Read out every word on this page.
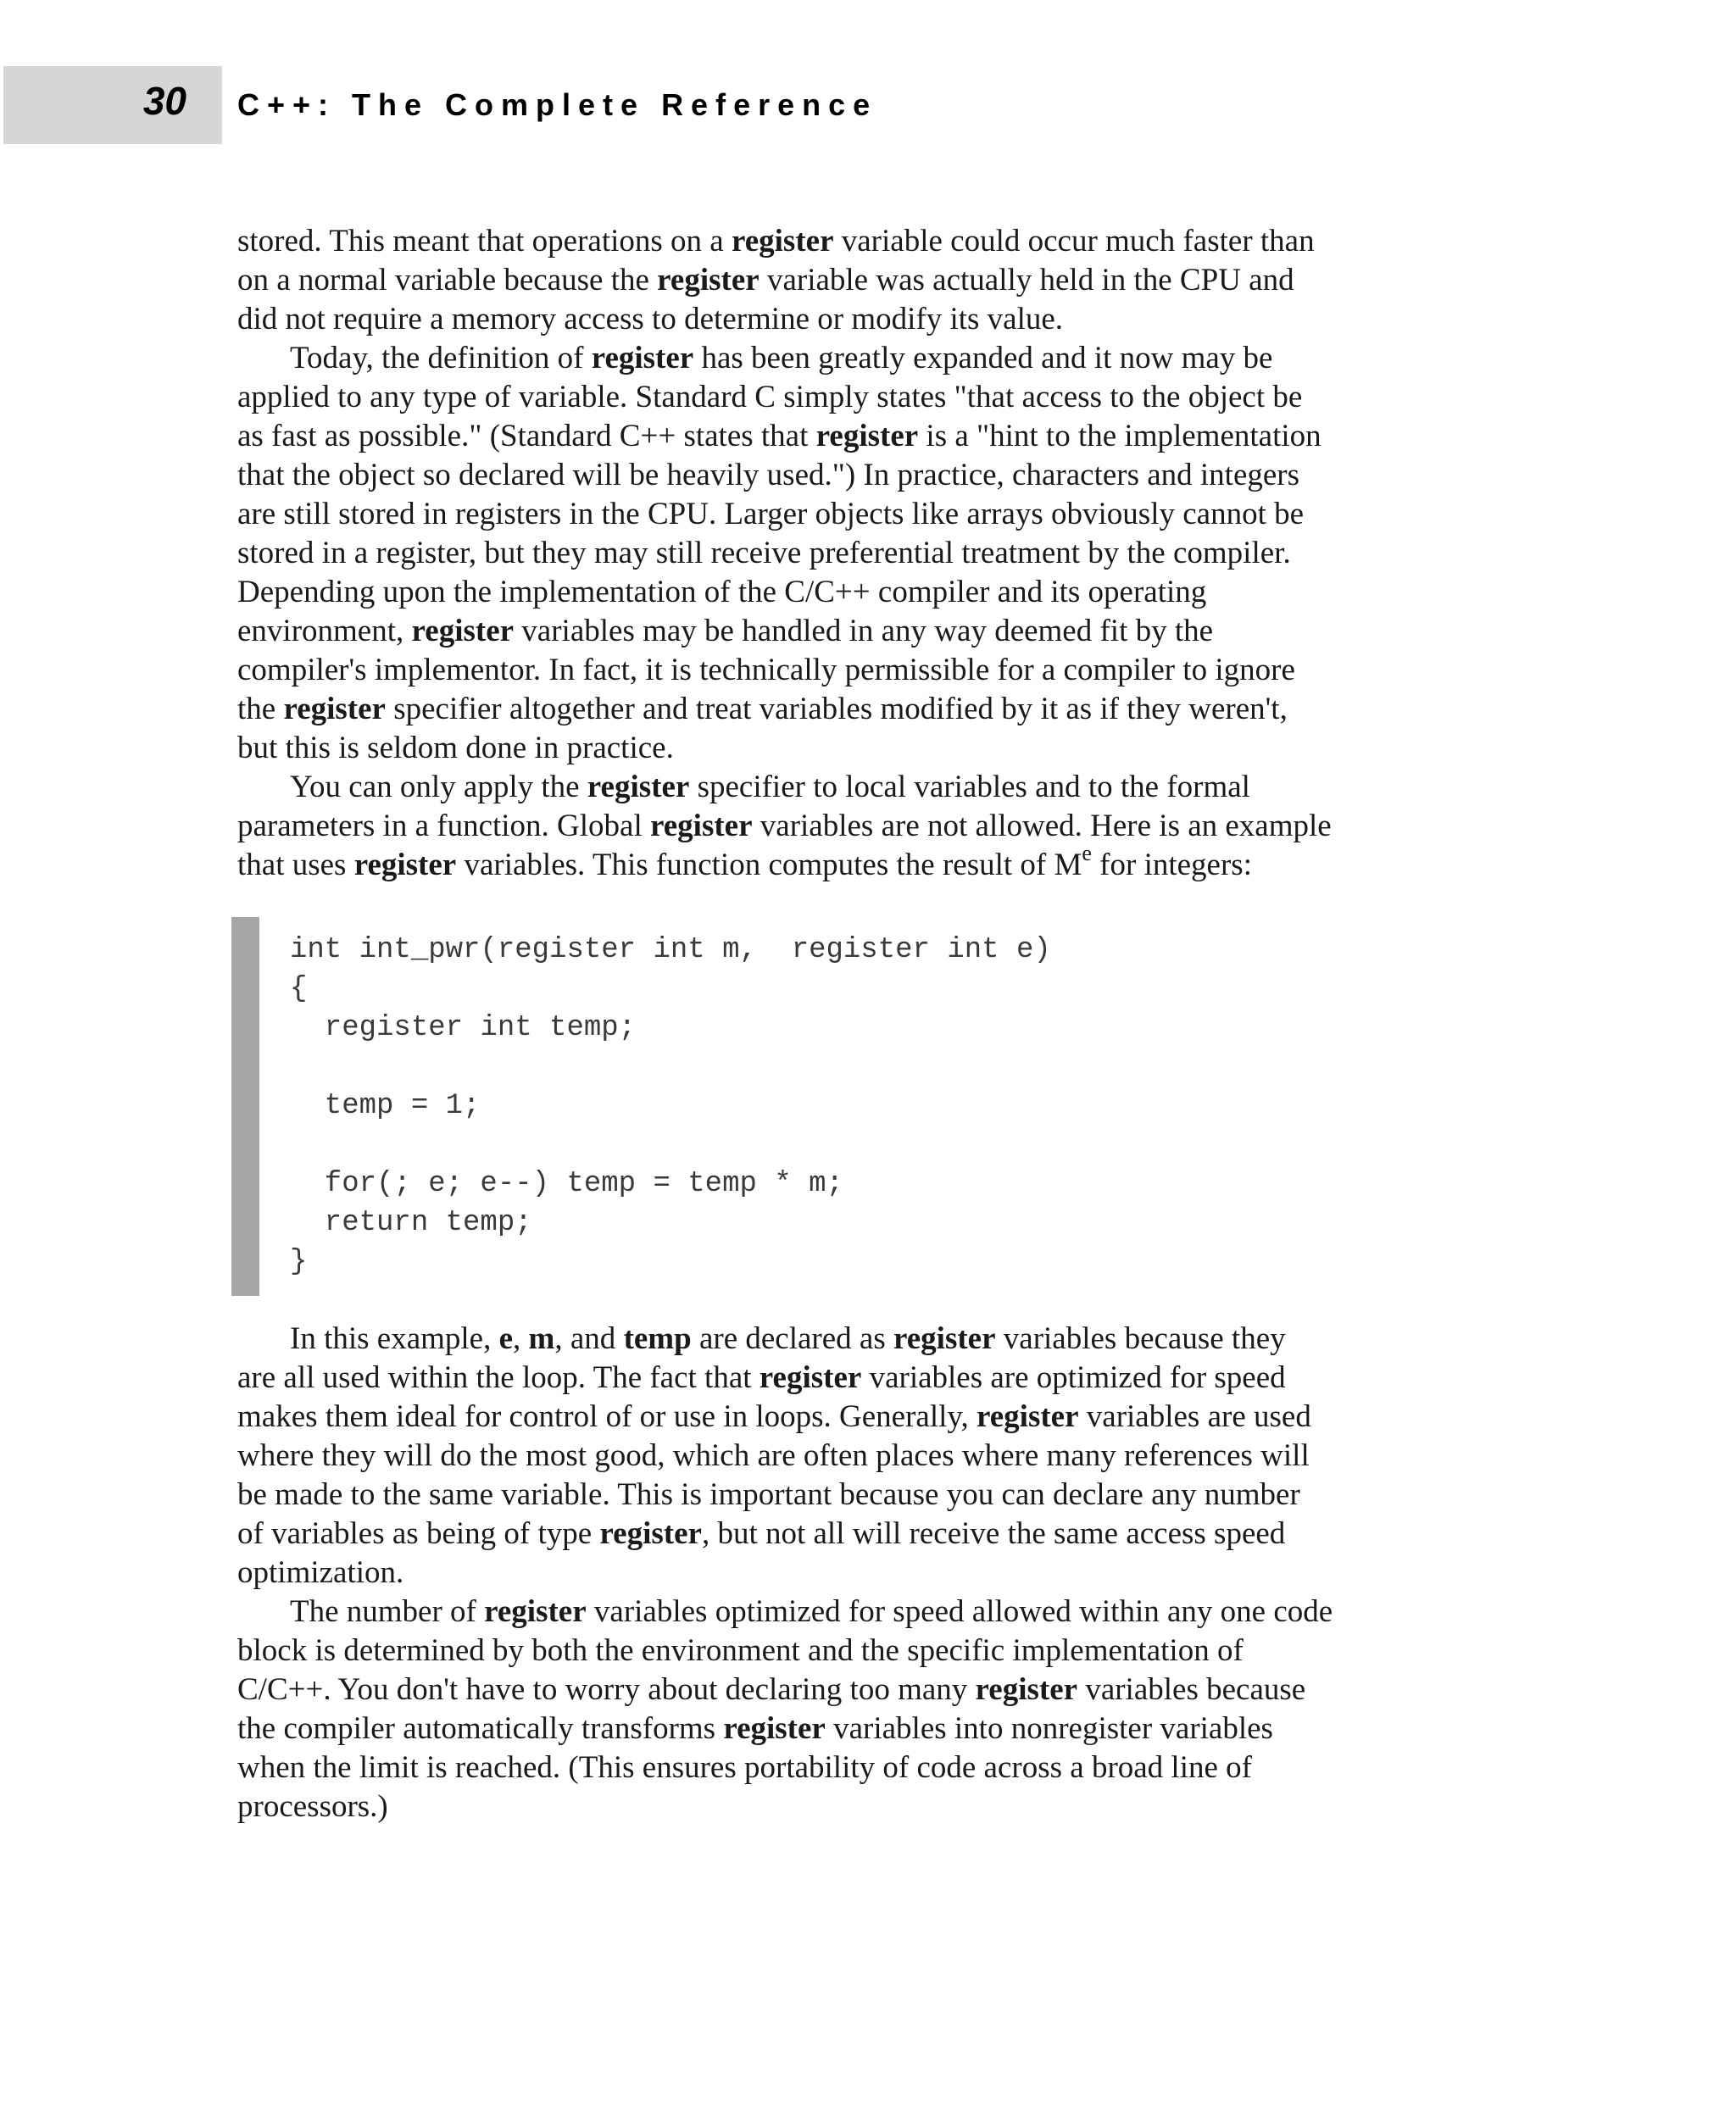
30 C++: The Complete Reference
stored. This meant that operations on a register variable could occur much faster than
on a normal variable because the register variable was actually held in the CPU and
did not require a memory access to determine or modify its value.
Today, the definition of register has been greatly expanded and it now may be
applied to any type of variable. Standard C simply states "that access to the object be
as fast as possible." (Standard C++ states that register is a "hint to the implementation
that the object so declared will be heavily used.") In practice, characters and integers
are still stored in registers in the CPU. Larger objects like arrays obviously cannot be
stored in a register, but they may still receive preferential treatment by the compiler.
Depending upon the implementation of the C/C++ compiler and its operating
environment, register variables may be handled in any way deemed fit by the
compiler's implementor. In fact, it is technically permissible for a compiler to ignore
the register specifier altogether and treat variables modified by it as if they weren't,
but this is seldom done in practice.
You can only apply the register specifier to local variables and to the formal
parameters in a function. Global register variables are not allowed. Here is an example
that uses register variables. This function computes the result of Me for integers:
int int_pwr(register int m,  register int e)
{
register int temp;
temp = 1;
for(; e; e--) temp = temp * m;
return temp;
}
In this example, e, m, and temp are declared as register variables because they
are all used within the loop. The fact that register variables are optimized for speed
makes them ideal for control of or use in loops. Generally, register variables are used
where they will do the most good, which are often places where many references will
be made to the same variable. This is important because you can declare any number
of variables as being of type register, but not all will receive the same access speed
optimization.
The number of register variables optimized for speed allowed within any one code
block is determined by both the environment and the specific implementation of
C/C++. You don't have to worry about declaring too many register variables because
the compiler automatically transforms register variables into nonregister variables
when the limit is reached. (This ensures portability of code across a broad line of
processors.)
